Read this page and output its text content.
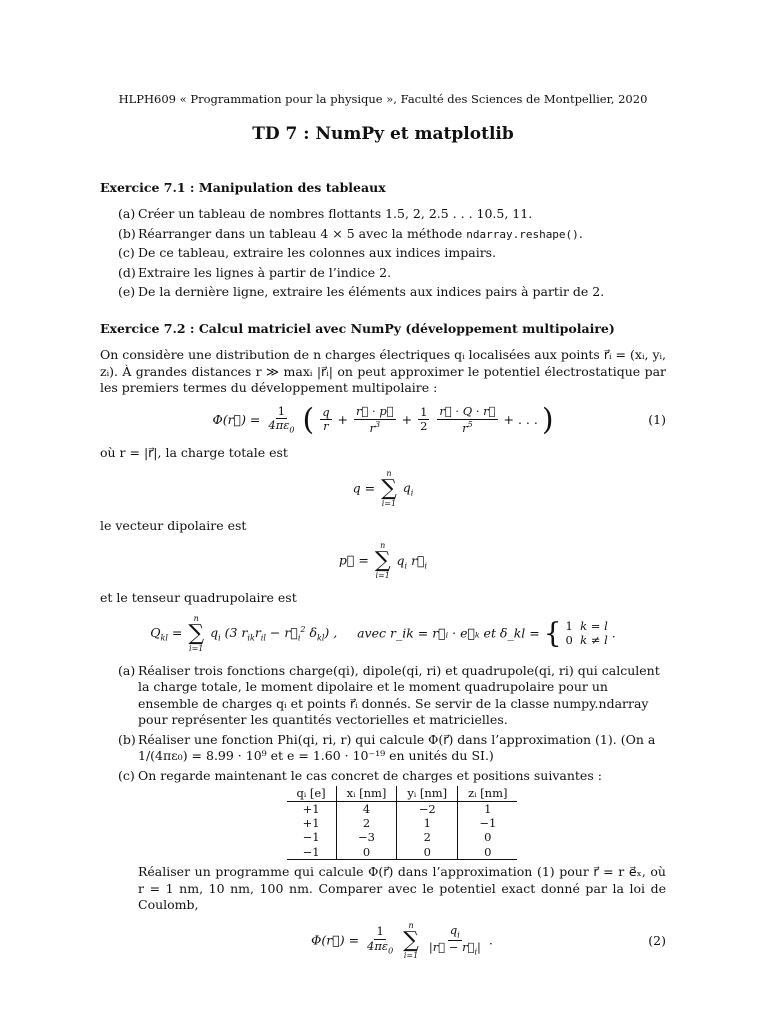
HLPH609 « Programmation pour la physique », Faculté des Sciences de Montpellier, 2020
TD 7 : NumPy et matplotlib
Exercice 7.1 : Manipulation des tableaux
(a) Créer un tableau de nombres flottants 1.5, 2, 2.5 . . . 10.5, 11.
(b) Réarranger dans un tableau 4 × 5 avec la méthode ndarray.reshape().
(c) De ce tableau, extraire les colonnes aux indices impairs.
(d) Extraire les lignes à partir de l’indice 2.
(e) De la dernière ligne, extraire les éléments aux indices pairs à partir de 2.
Exercice 7.2 : Calcul matriciel avec NumPy (développement multipolaire)

On considère une distribution de n charges électriques qᵢ localisées aux points r⃗ᵢ = (xᵢ, yᵢ, zᵢ). À grandes distances r ≫ maxᵢ |r⃗ᵢ| on peut approximer le potentiel électrostatique par les premiers termes du développement multipolaire :

Φ(r⃗) = $\frac{1}{4\pi\varepsilon_0}$ ( $\frac{q}{r} + \frac{r⃗ \cdot p⃗}{r^3} + \frac{1}{2}$
$\frac{r⃗ \cdot Q \cdot r⃗}{r^5}$ + . . . )	(1)

où r = |r⃗|, la charge totale est

q =
n
∑
i=1
$q_i$

le vecteur dipolaire est

p⃗ =
n
∑
i=1
$q_i$ $r⃗_i$

et le tenseur quadrupolaire est

$Q_{kl}$ =
n
∑
i=1
$q_i$ (3 $r_{ik}r_{il}$ − $r⃗_i^2$ $\delta_{kl}$) , avec r_ik = r⃗ᵢ · e⃗ₖ et δ_kl = { 1 k = l
0 k ≠ l .
(a) Réaliser trois fonctions charge(qi), dipole(qi, ri) et quadrupole(qi, ri) qui calculent la charge totale, le moment dipolaire et le moment quadrupolaire pour un ensemble de charges qᵢ et points r⃗ᵢ donnés. Se servir de la classe numpy.ndarray pour représenter les quantités vectorielles et matricielles.
(b) Réaliser une fonction Phi(qi, ri, r) qui calcule Φ(r⃗) dans l’approximation (1). (On a 1/(4πε₀) = 8.99 · 10⁹ et e = 1.60 · 10⁻¹⁹ en unités du SI.)
(c) On regarde maintenant le cas concret de charges et positions suivantes :
qᵢ [e]	xᵢ [nm]	yᵢ [nm]	zᵢ [nm]
+1	4	−2	1
+1	2	1	−1
−1	−3	2	0
−1	0	0	0

Réaliser un programme qui calcule Φ(r⃗) dans l’approximation (1) pour r⃗ = r e⃗ₓ, où r = 1 nm, 10 nm, 100 nm. Comparer avec le potentiel exact donné par la loi de Coulomb,

Φ(r⃗) = $\frac{1}{4\pi\varepsilon_0}$

n
∑
i=1
$\frac{q_i}{|r⃗ - r⃗_i|}$ .	(2)
